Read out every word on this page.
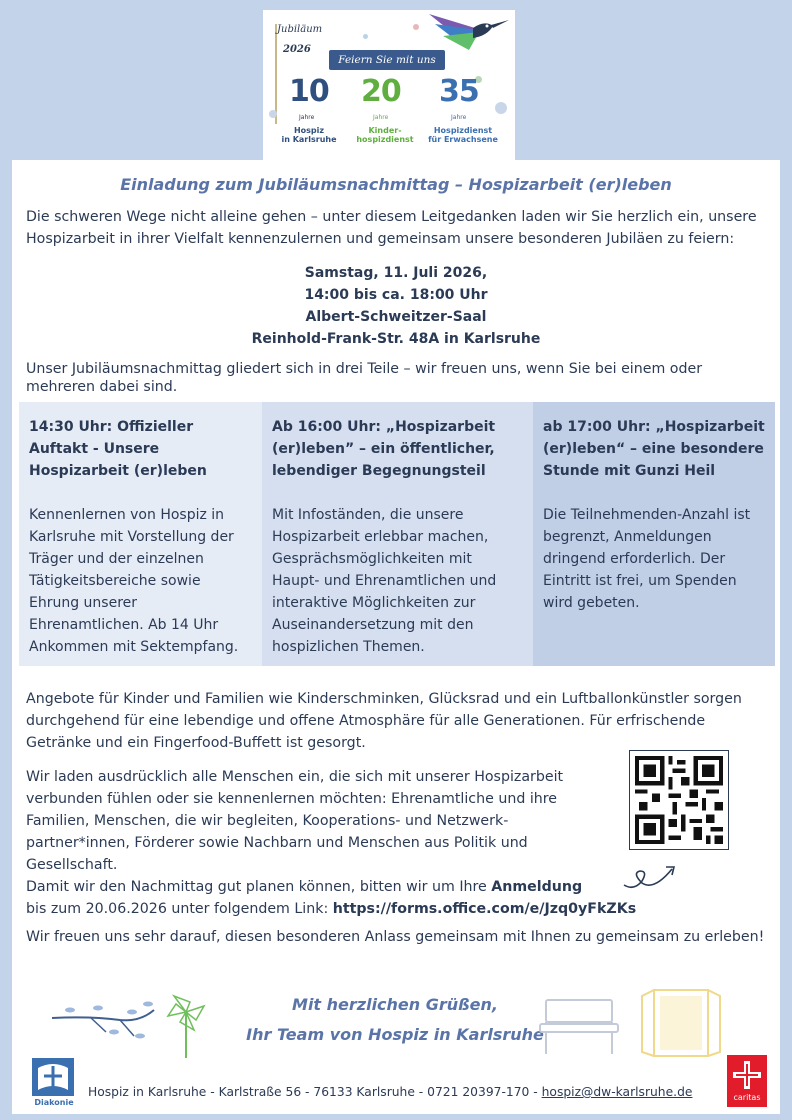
Jubiläum
2026
Feiern Sie mit uns
10
Jahre
Hospiz
in Karlsruhe
20
Jahre
Kinder-
hospizdienst
35
Jahre
Hospizdienst
für Erwachsene
Einladung zum Jubiläumsnachmittag – Hospizarbeit (er)leben

Die schweren Wege nicht alleine gehen – unter diesem Leitgedanken laden wir Sie herzlich ein, unsere Hospizarbeit in ihrer Vielfalt kennenzulernen und gemeinsam unsere besonderen Jubiläen zu feiern:

Samstag, 11. Juli 2026,
14:00 bis ca. 18:00 Uhr
Albert-Schweitzer-Saal
Reinhold-Frank-Str. 48A in Karlsruhe

Unser Jubiläumsnachmittag gliedert sich in drei Teile – wir freuen uns, wenn Sie bei einem oder mehreren dabei sind.

14:30 Uhr: Offizieller Auftakt - Unsere Hospizarbeit (er)leben
Kennenlernen von Hospiz in Karlsruhe mit Vorstellung der Träger und der einzelnen Tätigkeitsbereiche sowie Ehrung unserer Ehrenamtlichen. Ab 14 Uhr Ankommen mit Sektempfang.
Ab 16:00 Uhr: „Hospizarbeit (er)leben” – ein öffentlicher, lebendiger Begegnungsteil
Mit Infoständen, die unsere Hospizarbeit erlebbar machen, Gesprächsmöglichkeiten mit Haupt- und Ehrenamtlichen und interaktive Möglichkeiten zur Auseinandersetzung mit den hospizlichen Themen.
ab 17:00 Uhr: „Hospizarbeit (er)leben“ – eine besondere Stunde mit Gunzi Heil
Die Teilnehmenden-Anzahl ist begrenzt, Anmeldungen dringend erforderlich. Der Eintritt ist frei, um Spenden wird gebeten.

Angebote für Kinder und Familien wie Kinderschminken, Glücksrad und ein Luftballonkünstler sorgen durchgehend für eine lebendige und offene Atmosphäre für alle Generationen. Für erfrischende Getränke und ein Fingerfood-Buffett ist gesorgt.

Wir laden ausdrücklich alle Menschen ein, die sich mit unserer Hospizarbeit verbunden fühlen oder sie kennenlernen möchten: Ehrenamtliche und ihre Familien, Menschen, die wir begleiten, Kooperations- und Netzwerk-partner*innen, Förderer sowie Nachbarn und Menschen aus Politik und Gesellschaft.

Damit wir den Nachmittag gut planen können, bitten wir um Ihre Anmeldung
bis zum 20.06.2026 unter folgendem Link: https://forms.office.com/e/Jzq0yFkZKs

Wir freuen uns sehr darauf, diesen besonderen Anlass gemeinsam mit Ihnen zu gemeinsam zu erleben!

Mit herzlichen Grüßen,
Ihr Team von Hospiz in Karlsruhe
Diakonie
Hospiz in Karlsruhe - Karlstraße 56 - 76133 Karlsruhe - 0721 20397-170 - hospiz@dw-karlsruhe.de	caritas
